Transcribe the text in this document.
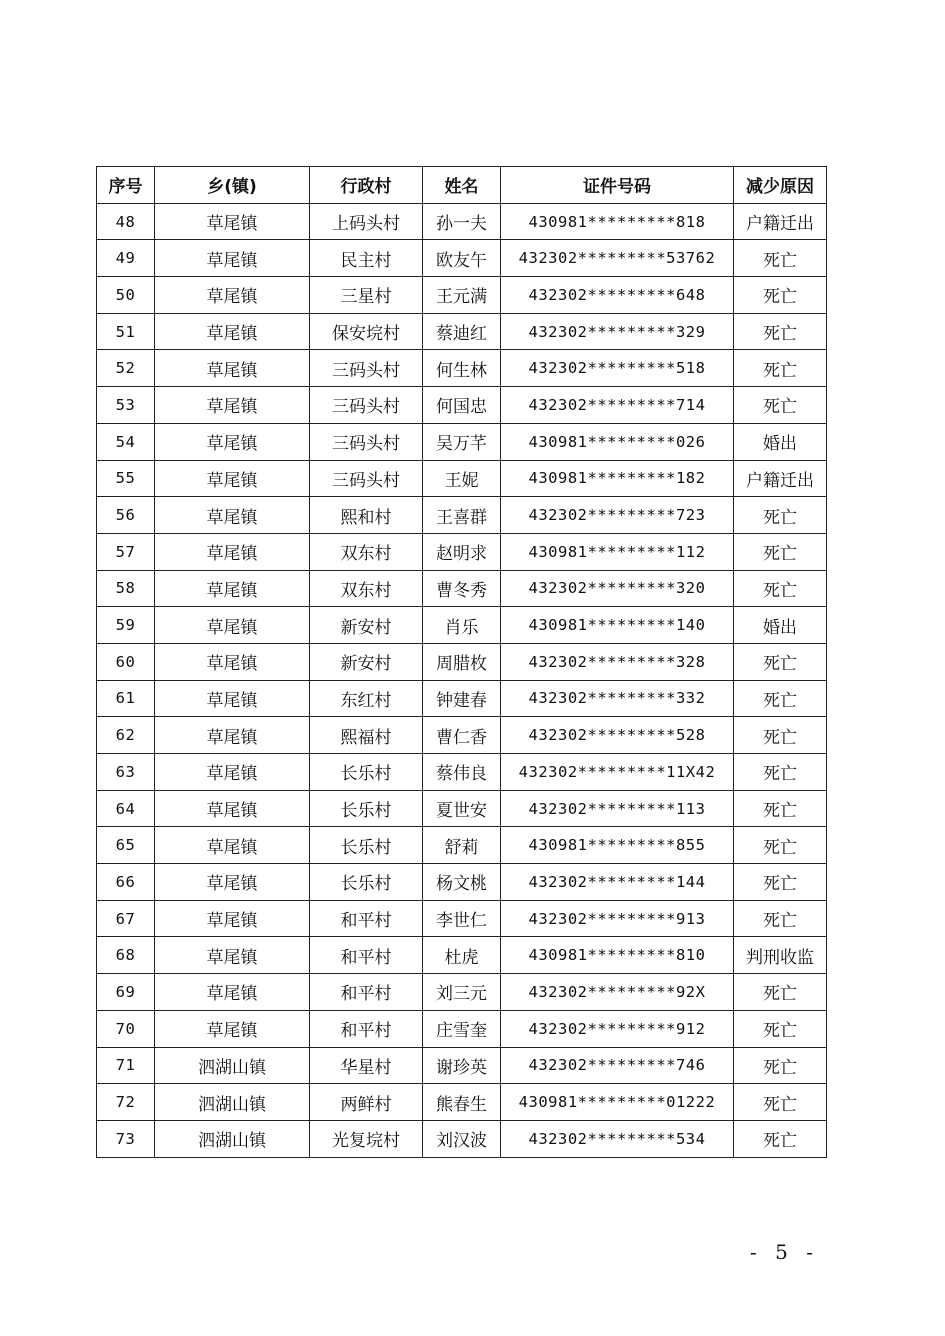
序号	乡(镇)	行政村	姓名	证件号码	减少原因
48	草尾镇	上码头村	孙一夫	430981*********818	户籍迁出
49	草尾镇	民主村	欧友午	432302*********53762	死亡
50	草尾镇	三星村	王元满	432302*********648	死亡
51	草尾镇	保安垸村	蔡迪红	432302*********329	死亡
52	草尾镇	三码头村	何生林	432302*********518	死亡
53	草尾镇	三码头村	何国忠	432302*********714	死亡
54	草尾镇	三码头村	吴万芊	430981*********026	婚出
55	草尾镇	三码头村	王妮	430981*********182	户籍迁出
56	草尾镇	熙和村	王喜群	432302*********723	死亡
57	草尾镇	双东村	赵明求	430981*********112	死亡
58	草尾镇	双东村	曹冬秀	432302*********320	死亡
59	草尾镇	新安村	肖乐	430981*********140	婚出
60	草尾镇	新安村	周腊枚	432302*********328	死亡
61	草尾镇	东红村	钟建春	432302*********332	死亡
62	草尾镇	熙福村	曹仁香	432302*********528	死亡
63	草尾镇	长乐村	蔡伟良	432302*********11X42	死亡
64	草尾镇	长乐村	夏世安	432302*********113	死亡
65	草尾镇	长乐村	舒莉	430981*********855	死亡
66	草尾镇	长乐村	杨文桃	432302*********144	死亡
67	草尾镇	和平村	李世仁	432302*********913	死亡
68	草尾镇	和平村	杜虎	430981*********810	判刑收监
69	草尾镇	和平村	刘三元	432302*********92X	死亡
70	草尾镇	和平村	庄雪奎	432302*********912	死亡
71	泗湖山镇	华星村	谢珍英	432302*********746	死亡
72	泗湖山镇	两鲜村	熊春生	430981*********01222	死亡
73	泗湖山镇	光复垸村	刘汉波	432302*********534	死亡
- 5 -
